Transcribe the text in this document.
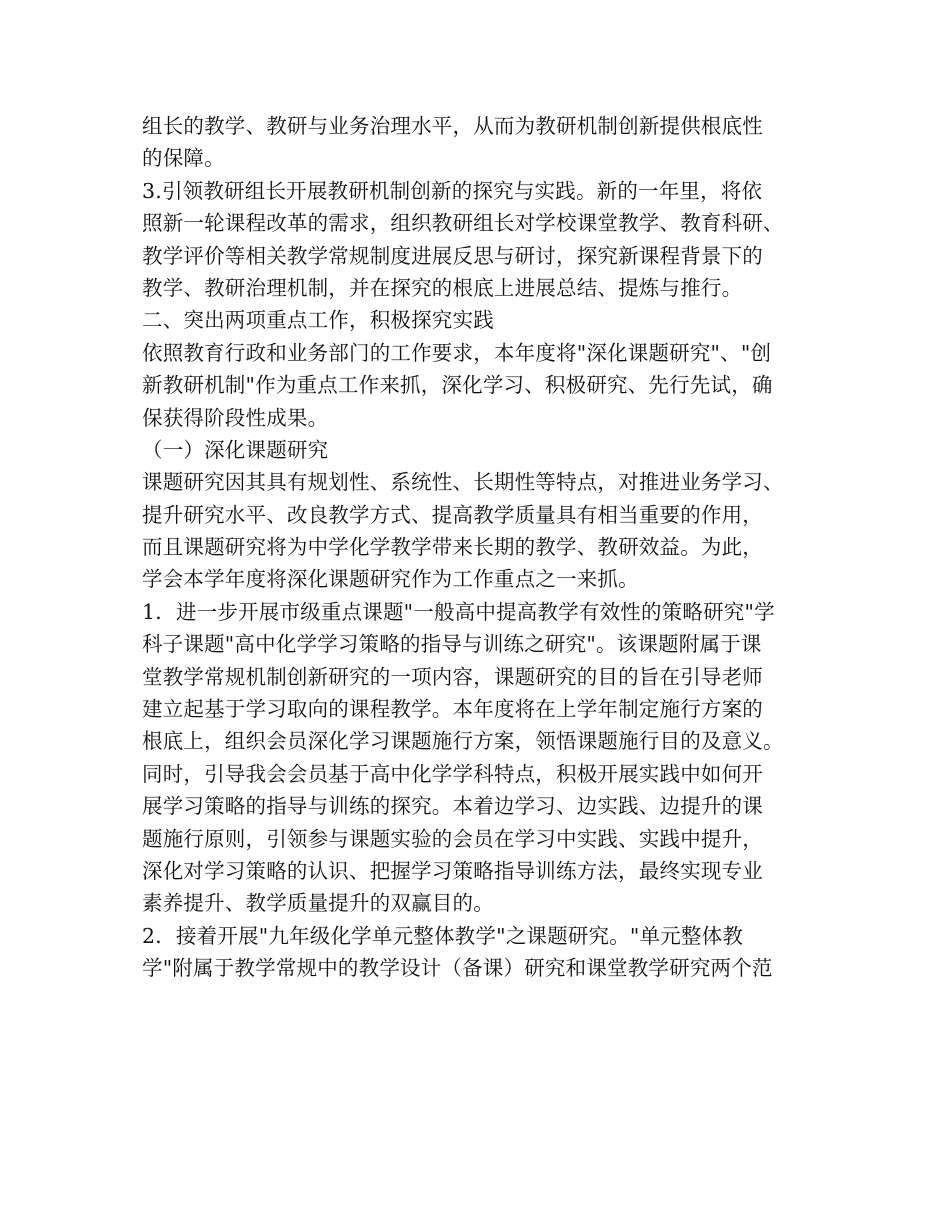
组长的教学、教研与业务治理水平，从而为教研机制创新提供根底性
的保障。
3.引领教研组长开展教研机制创新的探究与实践。新的一年里，将依
照新一轮课程改革的需求，组织教研组长对学校课堂教学、教育科研、
教学评价等相关教学常规制度进展反思与研讨，探究新课程背景下的
教学、教研治理机制，并在探究的根底上进展总结、提炼与推行。
二、突出两项重点工作，积极探究实践
依照教育行政和业务部门的工作要求，本年度将"深化课题研究"、"创
新教研机制"作为重点工作来抓，深化学习、积极研究、先行先试，确
保获得阶段性成果。
（一）深化课题研究
课题研究因其具有规划性、系统性、长期性等特点，对推进业务学习、
提升研究水平、改良教学方式、提高教学质量具有相当重要的作用，
而且课题研究将为中学化学教学带来长期的教学、教研效益。为此，
学会本学年度将深化课题研究作为工作重点之一来抓。
1．进一步开展市级重点课题"一般高中提高教学有效性的策略研究"学
科子课题"高中化学学习策略的指导与训练之研究"。该课题附属于课
堂教学常规机制创新研究的一项内容，课题研究的目的旨在引导老师
建立起基于学习取向的课程教学。本年度将在上学年制定施行方案的
根底上，组织会员深化学习课题施行方案，领悟课题施行目的及意义。
同时，引导我会会员基于高中化学学科特点，积极开展实践中如何开
展学习策略的指导与训练的探究。本着边学习、边实践、边提升的课
题施行原则，引领参与课题实验的会员在学习中实践、实践中提升，
深化对学习策略的认识、把握学习策略指导训练方法，最终实现专业
素养提升、教学质量提升的双赢目的。
2．接着开展"九年级化学单元整体教学"之课题研究。"单元整体教
学"附属于教学常规中的教学设计（备课）研究和课堂教学研究两个范
